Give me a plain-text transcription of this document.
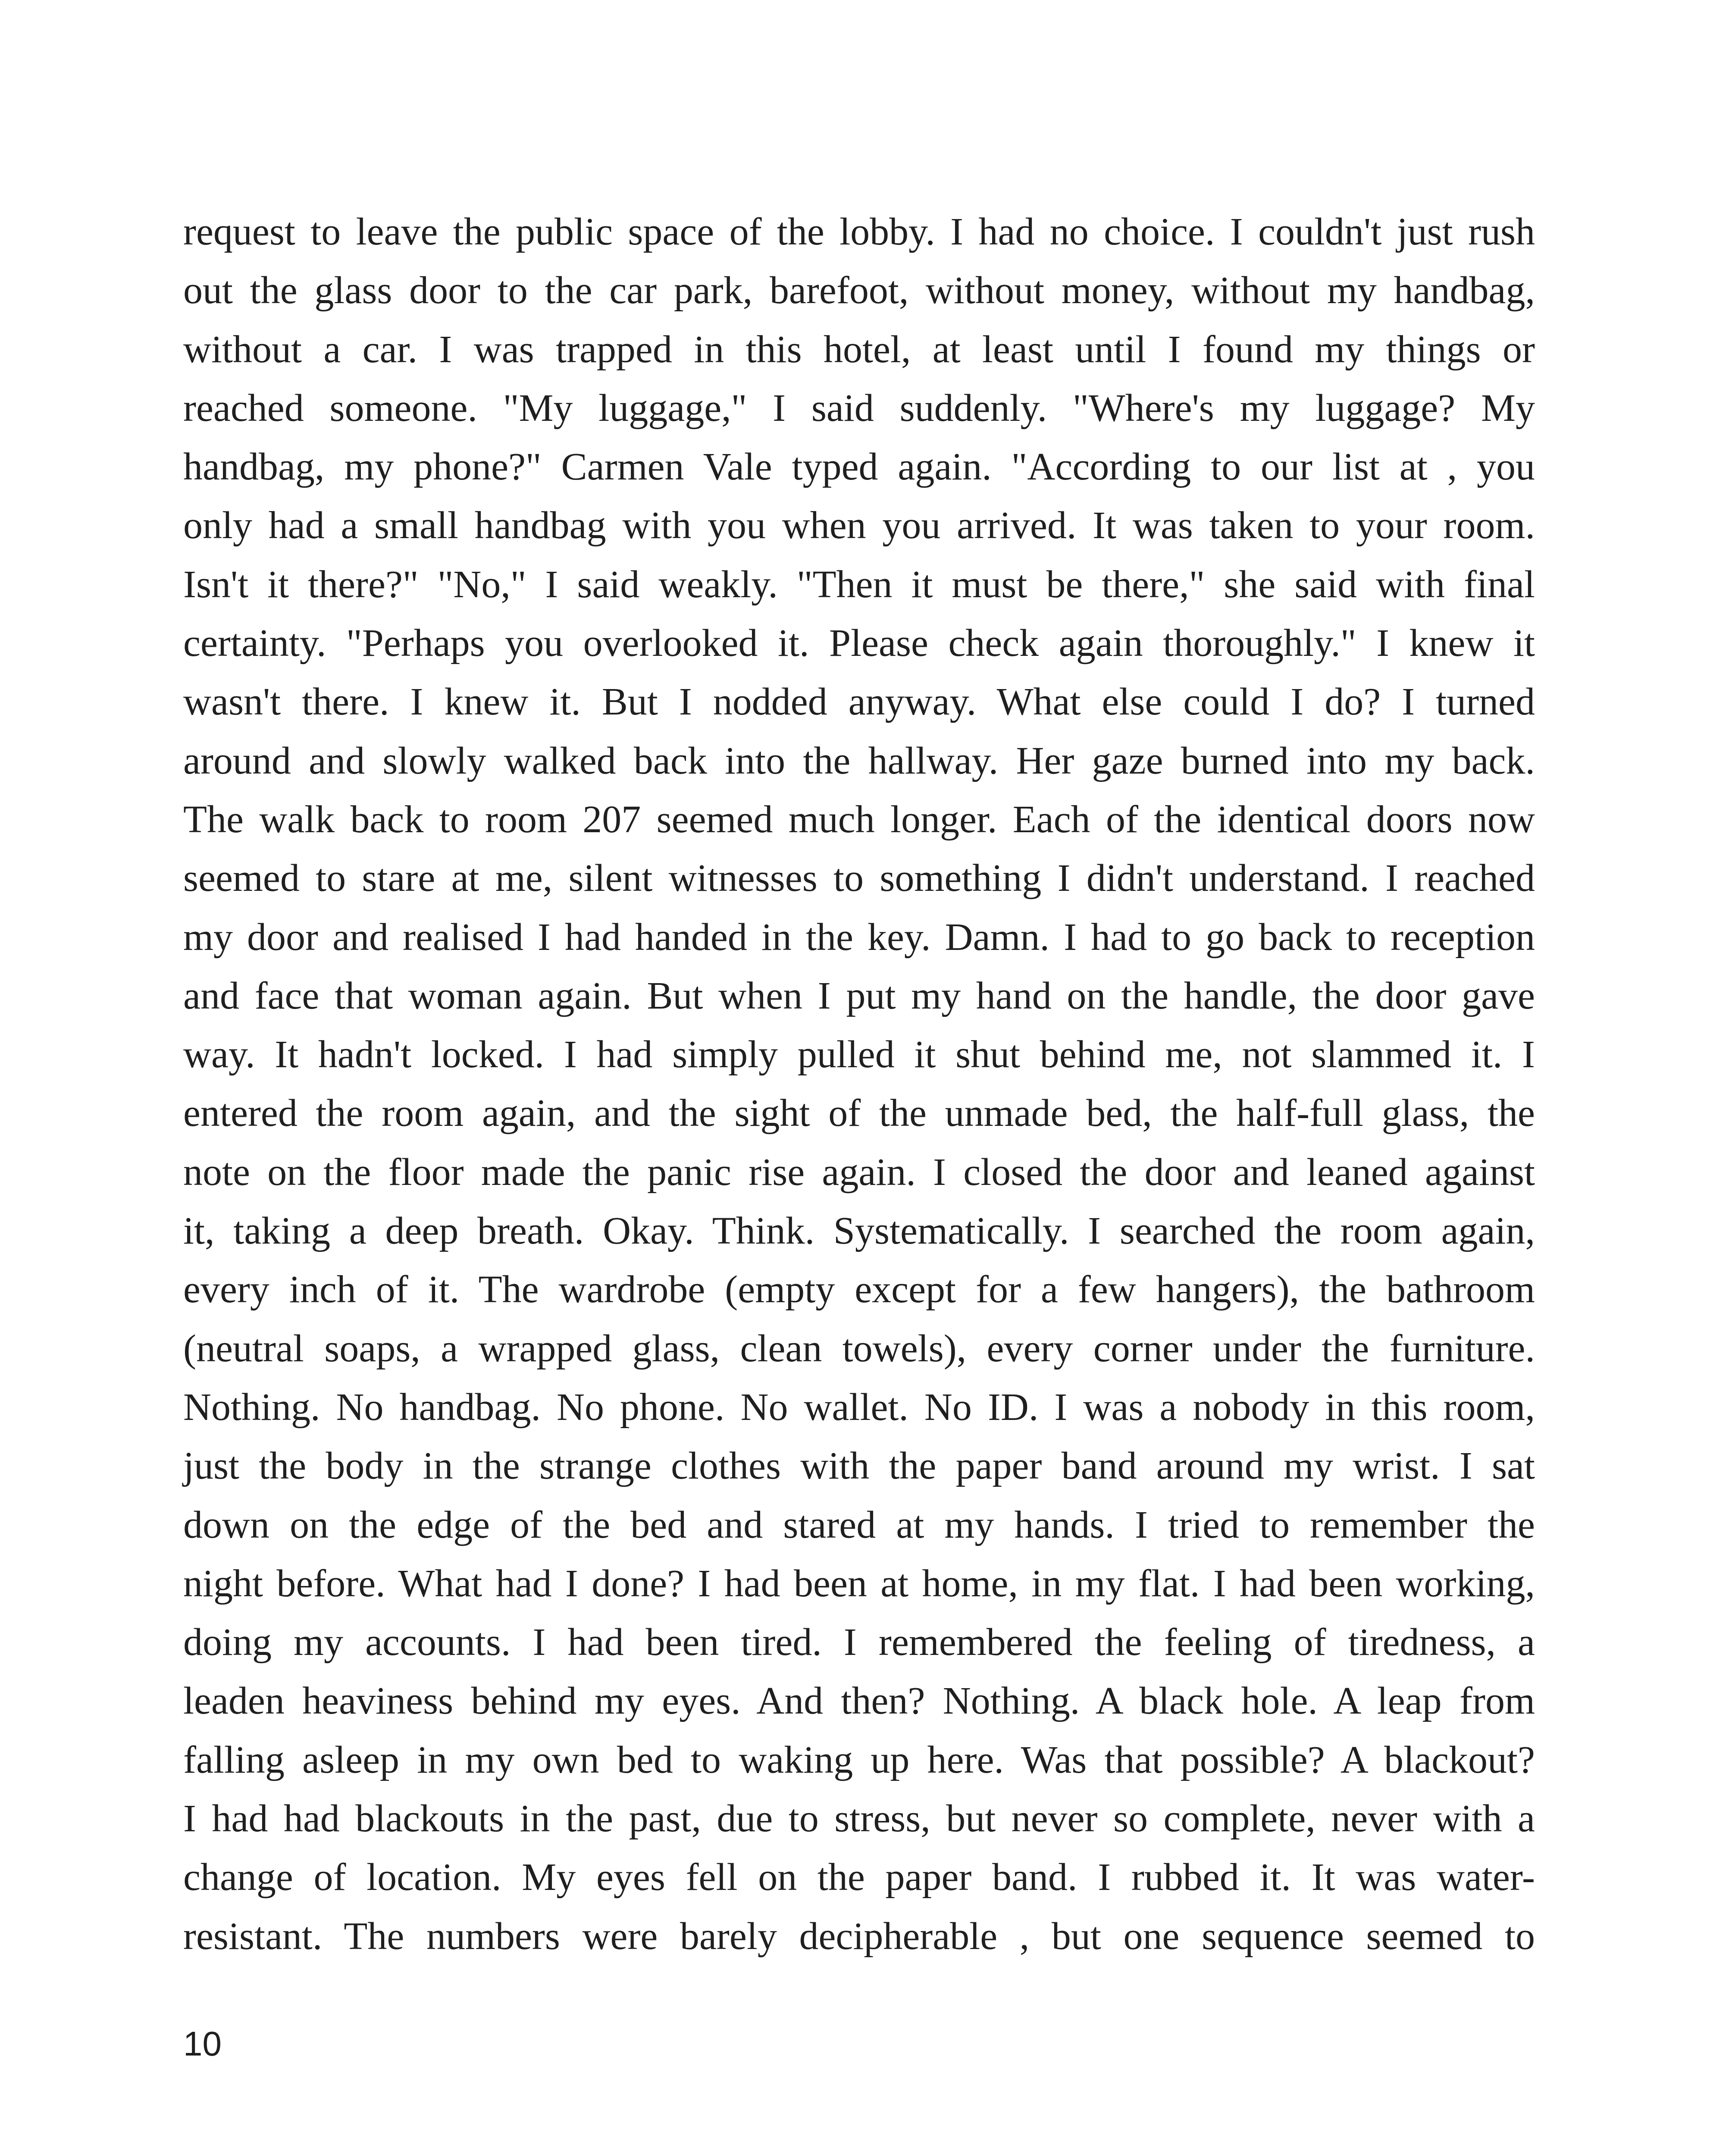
request to leave the public space of the lobby. I had no choice. I couldn't just rush
out the glass door to the car park, barefoot, without money, without my handbag,
without a car. I was trapped in this hotel, at least until I found my things or
reached someone. "My luggage," I said suddenly. "Where's my luggage? My
handbag, my phone?" Carmen Vale typed again. "According to our list at , you
only had a small handbag with you when you arrived. It was taken to your room.
Isn't it there?" "No," I said weakly. "Then it must be there," she said with final
certainty. "Perhaps you overlooked it. Please check again thoroughly." I knew it
wasn't there. I knew it. But I nodded anyway. What else could I do? I turned
around and slowly walked back into the hallway. Her gaze burned into my back.
The walk back to room 207 seemed much longer. Each of the identical doors now
seemed to stare at me, silent witnesses to something I didn't understand. I reached
my door and realised I had handed in the key. Damn. I had to go back to reception
and face that woman again. But when I put my hand on the handle, the door gave
way. It hadn't locked. I had simply pulled it shut behind me, not slammed it. I
entered the room again, and the sight of the unmade bed, the half-full glass, the
note on the floor made the panic rise again. I closed the door and leaned against
it, taking a deep breath. Okay. Think. Systematically. I searched the room again,
every inch of it. The wardrobe (empty except for a few hangers), the bathroom
(neutral soaps, a wrapped glass, clean towels), every corner under the furniture.
Nothing. No handbag. No phone. No wallet. No ID. I was a nobody in this room,
just the body in the strange clothes with the paper band around my wrist. I sat
down on the edge of the bed and stared at my hands. I tried to remember the
night before. What had I done? I had been at home, in my flat. I had been working,
doing my accounts. I had been tired. I remembered the feeling of tiredness, a
leaden heaviness behind my eyes. And then? Nothing. A black hole. A leap from
falling asleep in my own bed to waking up here. Was that possible? A blackout?
I had had blackouts in the past, due to stress, but never so complete, never with a
change of location. My eyes fell on the paper band. I rubbed it. It was water-
resistant. The numbers were barely decipherable , but one sequence seemed to
10
